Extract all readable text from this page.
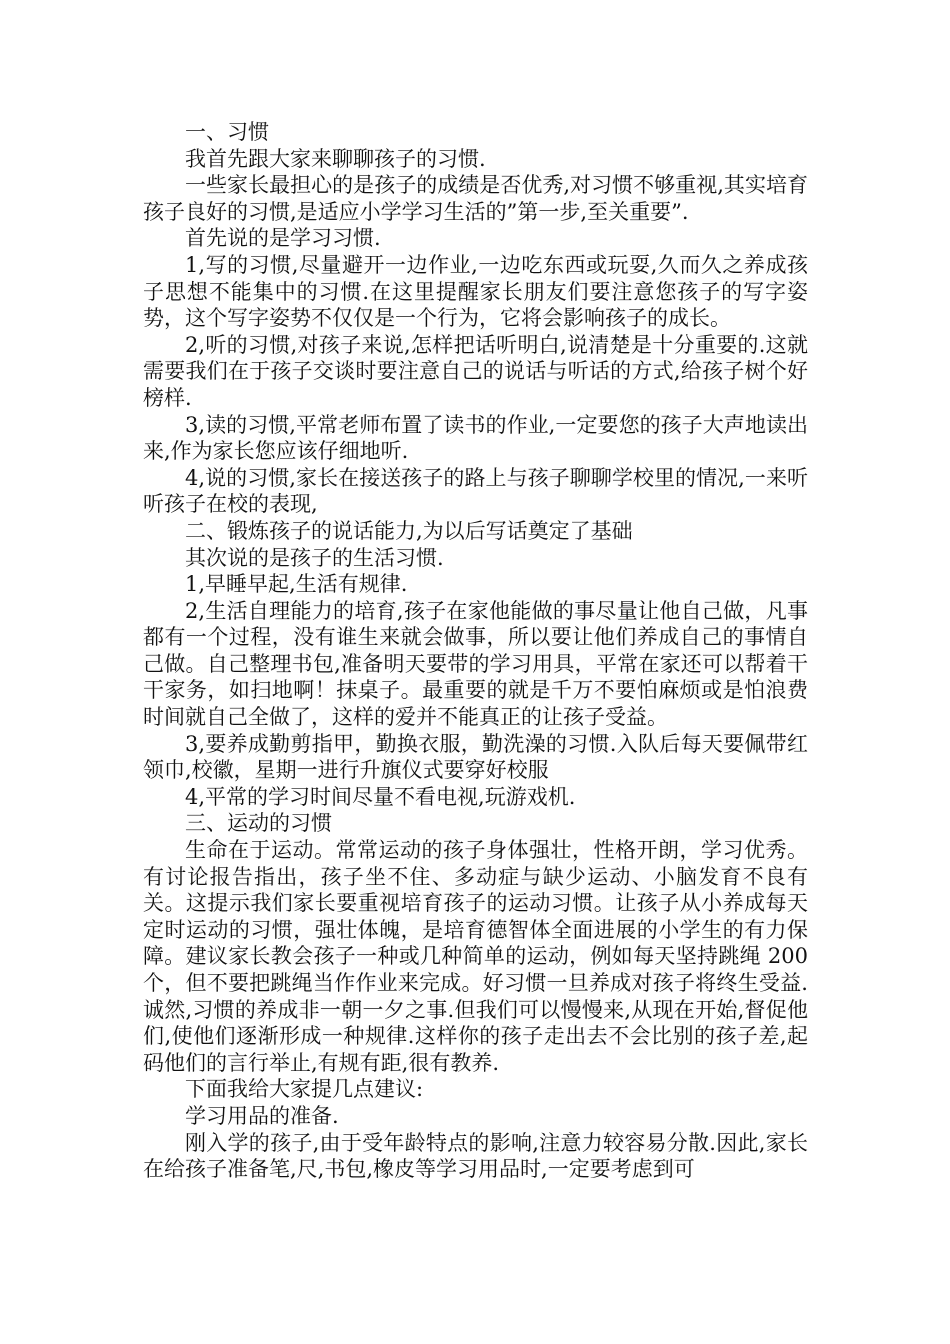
一、习惯

我首先跟大家来聊聊孩子的习惯.

一些家长最担心的是孩子的成绩是否优秀,对习惯不够重视,其实培育孩子良好的习惯,是适应小学学习生活的”第一步,至关重要”.

首先说的是学习习惯.

1,写的习惯,尽量避开一边作业,一边吃东西或玩耍,久而久之养成孩子思想不能集中的习惯.在这里提醒家长朋友们要注意您孩子的写字姿势，这个写字姿势不仅仅是一个行为，它将会影响孩子的成长。

2,听的习惯,对孩子来说,怎样把话听明白,说清楚是十分重要的.这就需要我们在于孩子交谈时要注意自己的说话与听话的方式,给孩子树个好榜样.

3,读的习惯,平常老师布置了读书的作业,一定要您的孩子大声地读出来,作为家长您应该仔细地听.

4,说的习惯,家长在接送孩子的路上与孩子聊聊学校里的情况,一来听听孩子在校的表现,

二、锻炼孩子的说话能力,为以后写话奠定了基础

其次说的是孩子的生活习惯.

1,早睡早起,生活有规律.

2,生活自理能力的培育,孩子在家他能做的事尽量让他自己做，凡事都有一个过程，没有谁生来就会做事，所以要让他们养成自己的事情自己做。自己整理书包,准备明天要带的学习用具，平常在家还可以帮着干干家务，如扫地啊！抹桌子。最重要的就是千万不要怕麻烦或是怕浪费时间就自己全做了，这样的爱并不能真正的让孩子受益。

3,要养成勤剪指甲，勤换衣服，勤洗澡的习惯.入队后每天要佩带红领巾,校徽，星期一进行升旗仪式要穿好校服

4,平常的学习时间尽量不看电视,玩游戏机.

三、运动的习惯

生命在于运动。常常运动的孩子身体强壮，性格开朗，学习优秀。有讨论报告指出，孩子坐不住、多动症与缺少运动、小脑发育不良有关。这提示我们家长要重视培育孩子的运动习惯。让孩子从小养成每天定时运动的习惯，强壮体魄，是培育德智体全面进展的小学生的有力保障。建议家长教会孩子一种或几种简单的运动，例如每天坚持跳绳 200 个，但不要把跳绳当作作业来完成。好习惯一旦养成对孩子将终生受益.诚然,习惯的养成非一朝一夕之事.但我们可以慢慢来,从现在开始,督促他们,使他们逐渐形成一种规律.这样你的孩子走出去不会比别的孩子差,起码他们的言行举止,有规有距,很有教养.

下面我给大家提几点建议:

学习用品的准备.

刚入学的孩子,由于受年龄特点的影响,注意力较容易分散.因此,家长在给孩子准备笔,尺,书包,橡皮等学习用品时,一定要考虑到可
